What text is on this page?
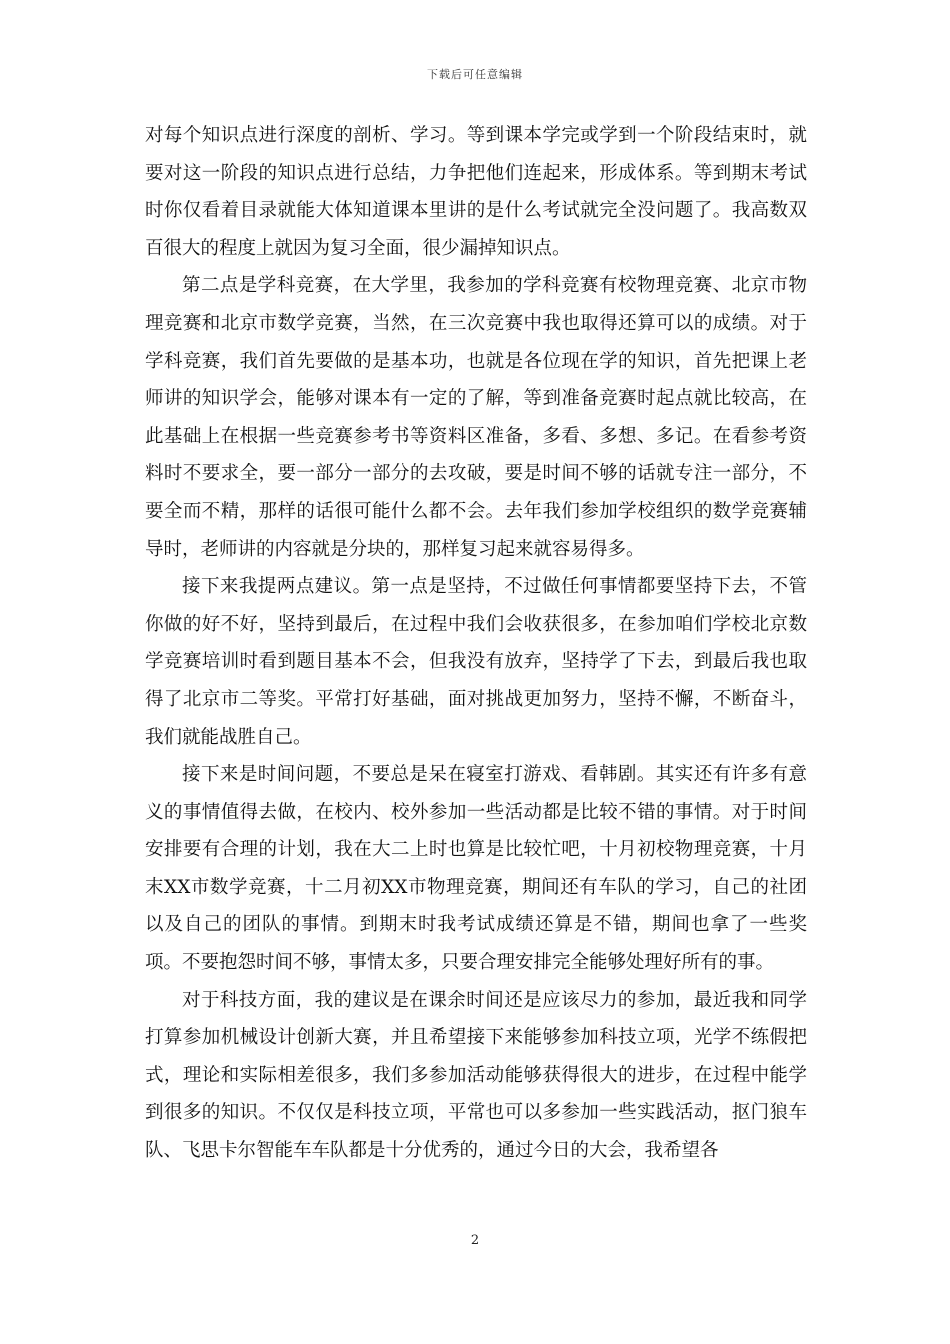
下载后可任意编辑

对每个知识点进行深度的剖析、学习。等到课本学完或学到一个阶段结束时，就要对这一阶段的知识点进行总结，力争把他们连起来，形成体系。等到期末考试时你仅看着目录就能大体知道课本里讲的是什么考试就完全没问题了。我高数双百很大的程度上就因为复习全面，很少漏掉知识点。

第二点是学科竞赛，在大学里，我参加的学科竞赛有校物理竞赛、北京市物理竞赛和北京市数学竞赛，当然，在三次竞赛中我也取得还算可以的成绩。对于学科竞赛，我们首先要做的是基本功，也就是各位现在学的知识，首先把课上老师讲的知识学会，能够对课本有一定的了解，等到准备竞赛时起点就比较高，在此基础上在根据一些竞赛参考书等资料区准备，多看、多想、多记。在看参考资料时不要求全，要一部分一部分的去攻破，要是时间不够的话就专注一部分，不要全而不精，那样的话很可能什么都不会。去年我们参加学校组织的数学竞赛辅导时，老师讲的内容就是分块的，那样复习起来就容易得多。

接下来我提两点建议。第一点是坚持，不过做任何事情都要坚持下去，不管你做的好不好，坚持到最后，在过程中我们会收获很多，在参加咱们学校北京数学竞赛培训时看到题目基本不会，但我没有放弃，坚持学了下去，到最后我也取得了北京市二等奖。平常打好基础，面对挑战更加努力，坚持不懈，不断奋斗，我们就能战胜自己。

接下来是时间问题，不要总是呆在寝室打游戏、看韩剧。其实还有许多有意义的事情值得去做，在校内、校外参加一些活动都是比较不错的事情。对于时间安排要有合理的计划，我在大二上时也算是比较忙吧，十月初校物理竞赛，十月末XX市数学竞赛，十二月初XX市物理竞赛，期间还有车队的学习，自己的社团以及自己的团队的事情。到期末时我考试成绩还算是不错，期间也拿了一些奖项。不要抱怨时间不够，事情太多，只要合理安排完全能够处理好所有的事。

对于科技方面，我的建议是在课余时间还是应该尽力的参加，最近我和同学打算参加机械设计创新大赛，并且希望接下来能够参加科技立项，光学不练假把式，理论和实际相差很多，我们多参加活动能够获得很大的进步，在过程中能学到很多的知识。不仅仅是科技立项，平常也可以多参加一些实践活动，抠门狼车队、飞思卡尔智能车车队都是十分优秀的，通过今日的大会，我希望各

2
